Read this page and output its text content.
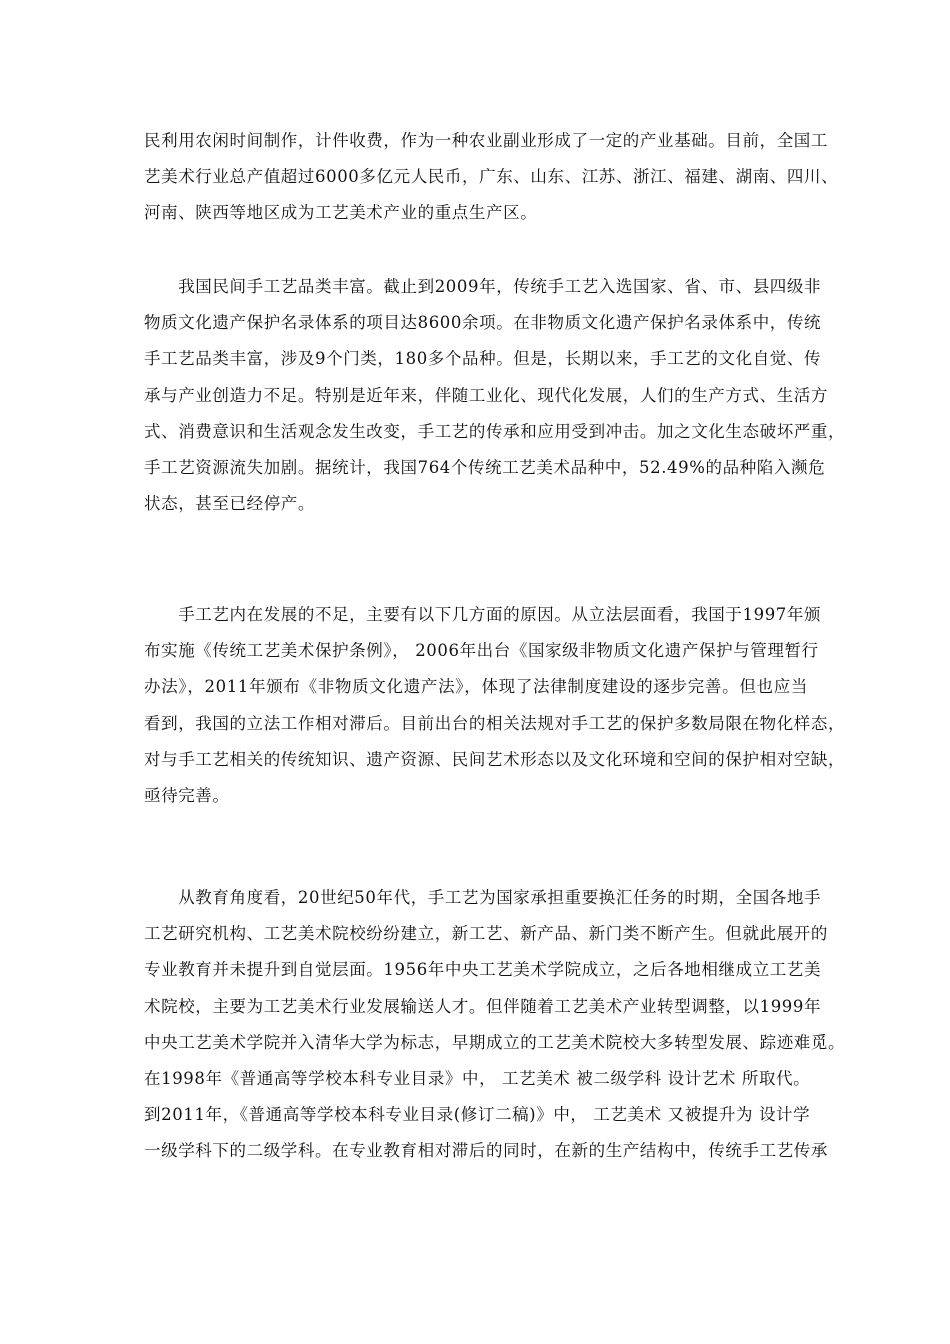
民利用农闲时间制作，计件收费，作为一种农业副业形成了一定的产业基础。目前，全国工
艺美术行业总产值超过6000多亿元人民币，广东、山东、江苏、浙江、福建、湖南、四川、
河南、陕西等地区成为工艺美术产业的重点生产区。
　　我国民间手工艺品类丰富。截止到2009年，传统手工艺入选国家、省、市、县四级非
物质文化遗产保护名录体系的项目达8600余项。在非物质文化遗产保护名录体系中，传统
手工艺品类丰富，涉及9个门类，180多个品种。但是，长期以来，手工艺的文化自觉、传
承与产业创造力不足。特别是近年来，伴随工业化、现代化发展，人们的生产方式、生活方
式、消费意识和生活观念发生改变，手工艺的传承和应用受到冲击。加之文化生态破坏严重，
手工艺资源流失加剧。据统计，我国764个传统工艺美术品种中，52.49%的品种陷入濒危
状态，甚至已经停产。
　　手工艺内在发展的不足，主要有以下几方面的原因。从立法层面看，我国于1997年颁
布实施《传统工艺美术保护条例》， 2006年出台《国家级非物质文化遗产保护与管理暂行
办法》，2011年颁布《非物质文化遗产法》，体现了法律制度建设的逐步完善。但也应当
看到，我国的立法工作相对滞后。目前出台的相关法规对手工艺的保护多数局限在物化样态，
对与手工艺相关的传统知识、遗产资源、民间艺术形态以及文化环境和空间的保护相对空缺，
亟待完善。
　　从教育角度看，20世纪50年代，手工艺为国家承担重要换汇任务的时期，全国各地手
工艺研究机构、工艺美术院校纷纷建立，新工艺、新产品、新门类不断产生。但就此展开的
专业教育并未提升到自觉层面。1956年中央工艺美术学院成立，之后各地相继成立工艺美
术院校，主要为工艺美术行业发展输送人才。但伴随着工艺美术产业转型调整，以1999年
中央工艺美术学院并入清华大学为标志，早期成立的工艺美术院校大多转型发展、踪迹难觅。
在1998年《普通高等学校本科专业目录》中， 工艺美术 被二级学科 设计艺术 所取代。
到2011年，《普通高等学校本科专业目录(修订二稿)》中， 工艺美术 又被提升为 设计学
一级学科下的二级学科。在专业教育相对滞后的同时，在新的生产结构中，传统手工艺传承
